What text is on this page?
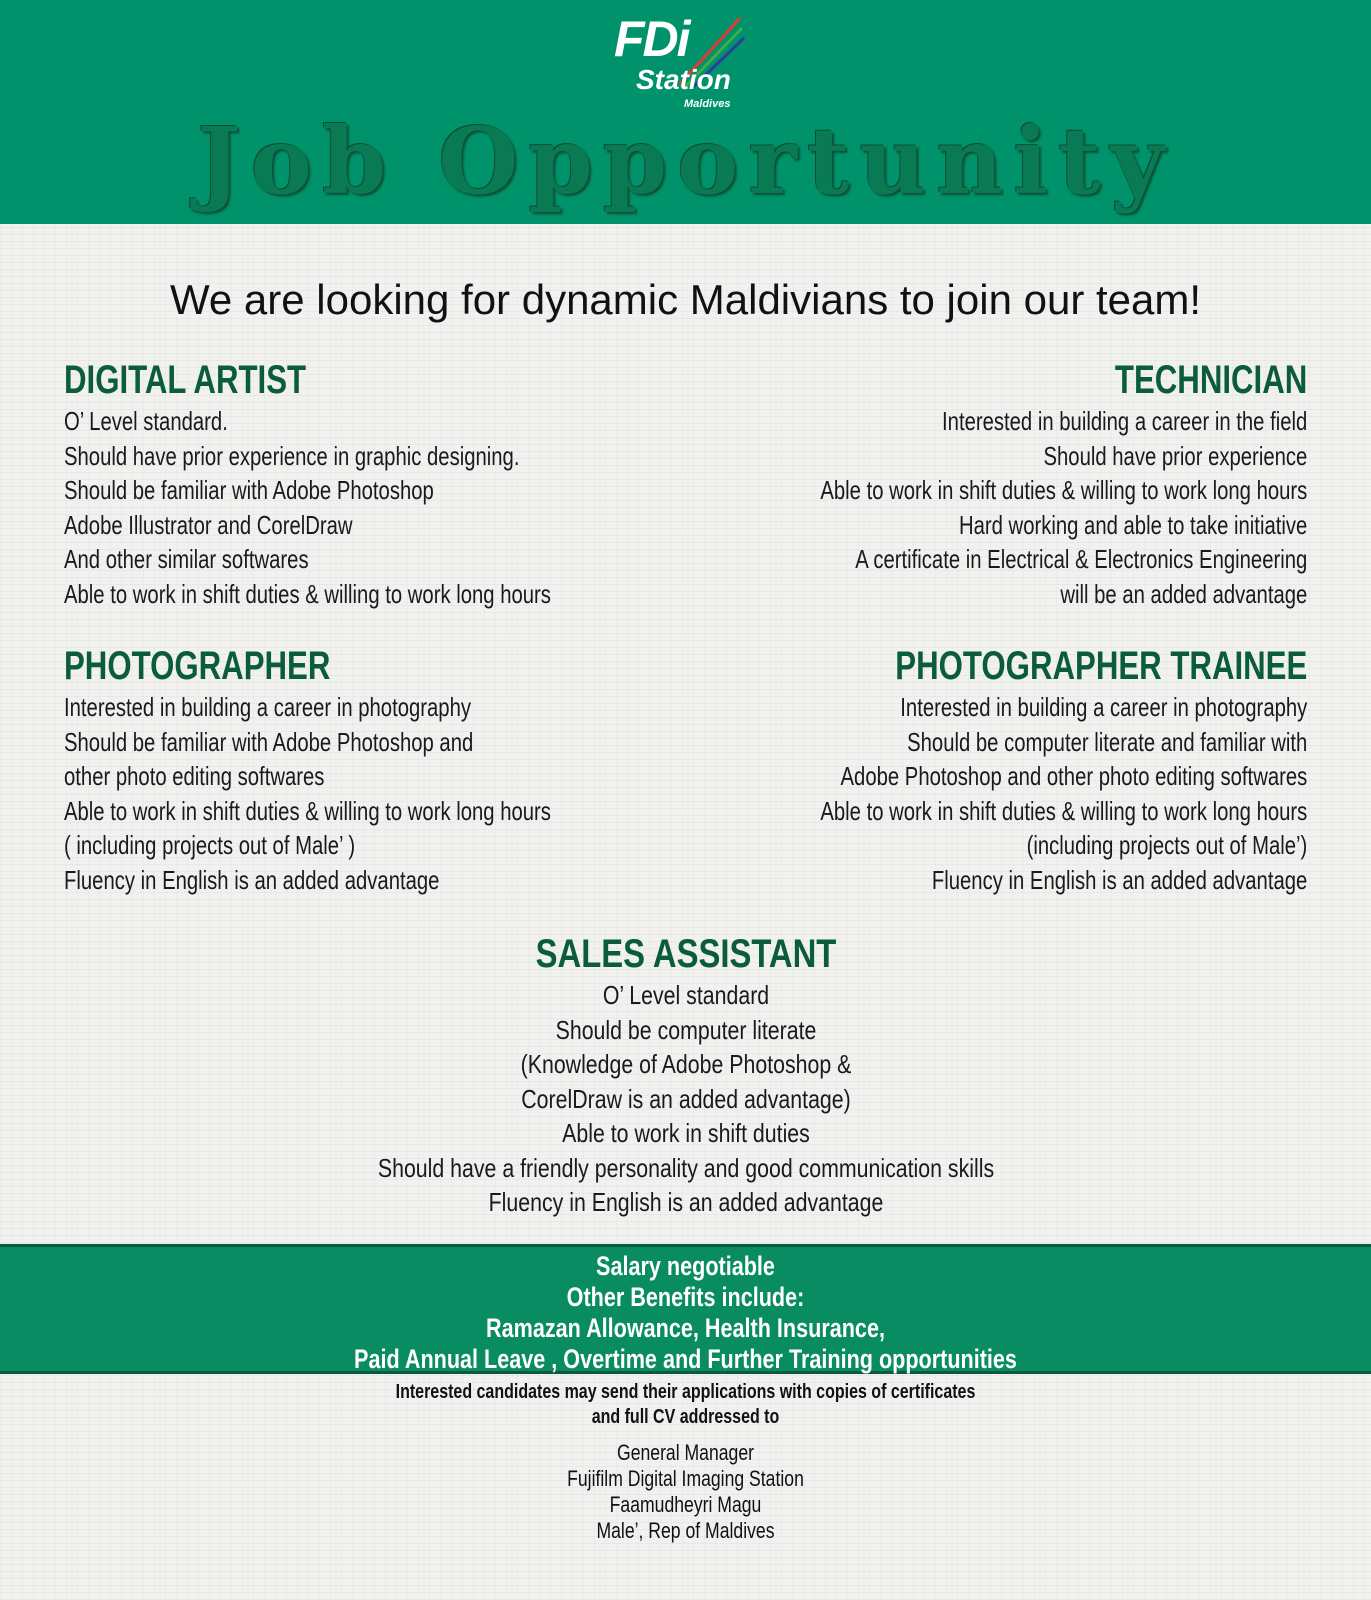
FDi
Station
Maldives
Job Opportunity
We are looking for dynamic Maldivians to join our team!
DIGITAL ARTIST
O’ Level standard.
Should have prior experience in graphic designing.
Should be familiar with Adobe Photoshop
Adobe Illustrator and CorelDraw
And other similar softwares
Able to work in shift duties & willing to work long hours
TECHNICIAN
Interested in building a career in the field
Should have prior experience
Able to work in shift duties & willing to work long hours
Hard working and able to take initiative
A certificate in Electrical & Electronics Engineering
will be an added advantage
PHOTOGRAPHER
Interested in building a career in photography
Should be familiar with Adobe Photoshop and
other photo editing softwares
Able to work in shift duties & willing to work long hours
( including projects out of Male’ )
Fluency in English is an added advantage
PHOTOGRAPHER TRAINEE
Interested in building a career in photography
Should be computer literate and familiar with
Adobe Photoshop and other photo editing softwares
Able to work in shift duties & willing to work long hours
(including projects out of Male’)
Fluency in English is an added advantage
SALES ASSISTANT
O’ Level standard
Should be computer literate
(Knowledge of Adobe Photoshop &
CorelDraw is an added advantage)
Able to work in shift duties
Should have a friendly personality and good communication skills
Fluency in English is an added advantage
Salary negotiable
Other Benefits include:
Ramazan Allowance, Health Insurance,
Paid Annual Leave , Overtime and Further Training opportunities
Interested candidates may send their applications with copies of certificates
and full CV addressed to
General Manager
Fujifilm Digital Imaging Station
Faamudheyri Magu
Male’, Rep of Maldives
